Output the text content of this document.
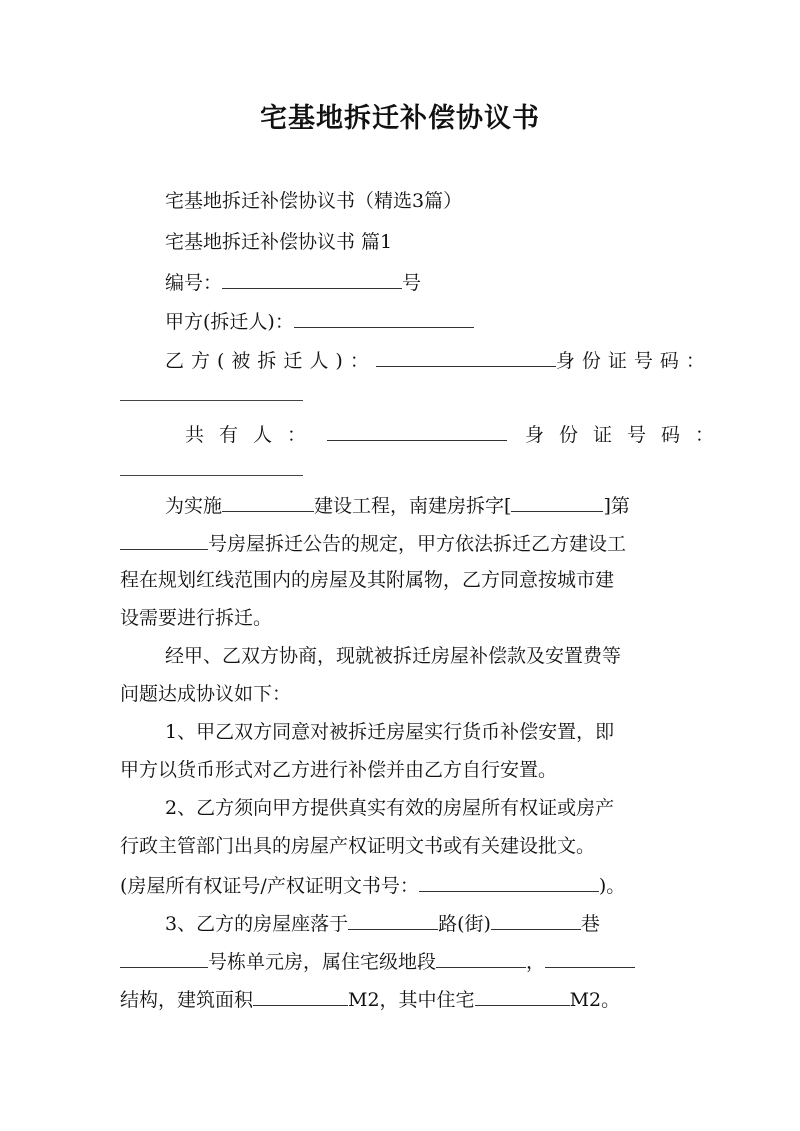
宅基地拆迁补偿协议书
宅基地拆迁补偿协议书（精选3篇）
宅基地拆迁补偿协议书 篇1
编号：	号
甲方(拆迁人)：
乙方(被拆迁人)：	身份证号码：
共有人：	身份证号码：
为实施	建设工程，南建房拆字[	]第
号房屋拆迁公告的规定，甲方依法拆迁乙方建设工
程在规划红线范围内的房屋及其附属物，乙方同意按城市建
设需要进行拆迁。
经甲、乙双方协商，现就被拆迁房屋补偿款及安置费等
问题达成协议如下：
1、甲乙双方同意对被拆迁房屋实行货币补偿安置，即
甲方以货币形式对乙方进行补偿并由乙方自行安置。
2、乙方须向甲方提供真实有效的房屋所有权证或房产
行政主管部门出具的房屋产权证明文书或有关建设批文。
(房屋所有权证号/产权证明文书号：	)。
3、乙方的房屋座落于	路(街)	巷
号栋单元房，属住宅级地段	，
结构，建筑面积	M2，其中住宅	M2。
